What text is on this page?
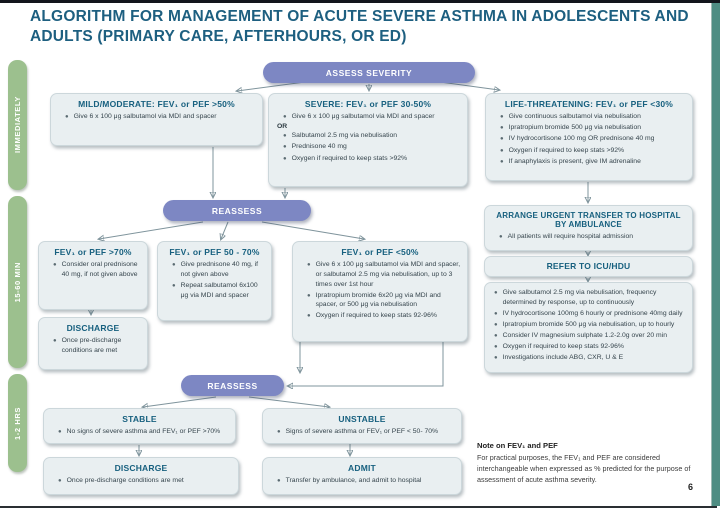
ALGORITHM FOR MANAGEMENT OF ACUTE SEVERE ASTHMA IN ADOLESCENTS AND ADULTS (PRIMARY CARE, AFTERHOURS, OR ED)
IMMEDIATELY
15-60 MIN
1-2 HRS
ASSESS SEVERITY
REASSESS
REASSESS
MILD/MODERATE: FEV₁ or PEF >50%
● Give 6 x 100 μg salbutamol via MDI and spacer
SEVERE: FEV₁ or PEF 30-50%
● Give 6 x 100 μg salbutamol via MDI and spacer
OR
● Salbutamol 2.5 mg via nebulisation
● Prednisone 40 mg
● Oxygen if required to keep stats >92%
LIFE-THREATENING: FEV₁ or PEF <30%
● Give continuous salbutamol via nebulisation
● Ipratropium bromide 500 μg via nebulisation
● IV hydrocortisone 100 mg OR prednisone 40 mg
● Oxygen if required to keep stats >92%
● If anaphylaxis is present, give IM adrenaline
FEV₁ or PEF >70%
● Consider oral prednisone 40 mg, if not given above
FEV₁ or PEF 50 - 70%
● Give prednisone 40 mg, if not given above
● Repeat salbutamol 6x100 μg via MDI and spacer
FEV₁ or PEF <50%
● Give 6 x 100 μg salbutamol via MDI and spacer, or salbutamol 2.5 mg via nebulisation, up to 3 times over 1st hour
● Ipratropium bromide 6x20 μg via MDI and spacer, or 500 μg via nebulisation
● Oxygen if required to keep stats 92-96%
DISCHARGE
● Once pre-discharge conditions are met
ARRANGE URGENT TRANSFER TO HOSPITAL BY AMBULANCE
● All patients will require hospital admission
REFER TO ICU/HDU
● Give salbutamol 2.5 mg via nebulisation, frequency determined by response, up to continuously
● IV hydrocortisone 100mg 6 hourly or prednisone 40mg daily
● Ipratropium bromide 500 μg via nebulisation, up to hourly
● Consider IV magnesium sulphate 1.2-2.0g over 20 min
● Oxygen if required to keep stats 92-96%
● Investigations include ABG, CXR, U & E
STABLE
● No signs of severe asthma and FEV₁ or PEF >70%
UNSTABLE
● Signs of severe asthma or FEV₁ or PEF < 50- 70%
DISCHARGE
● Once pre-discharge conditions are met
ADMIT
● Transfer by ambulance, and admit to hospital
Note on FEV₁ and PEF
For practical purposes, the FEV₁ and PEF are considered interchangeable when expressed as % predicted for the purpose of assessment of acute asthma severity.
6
